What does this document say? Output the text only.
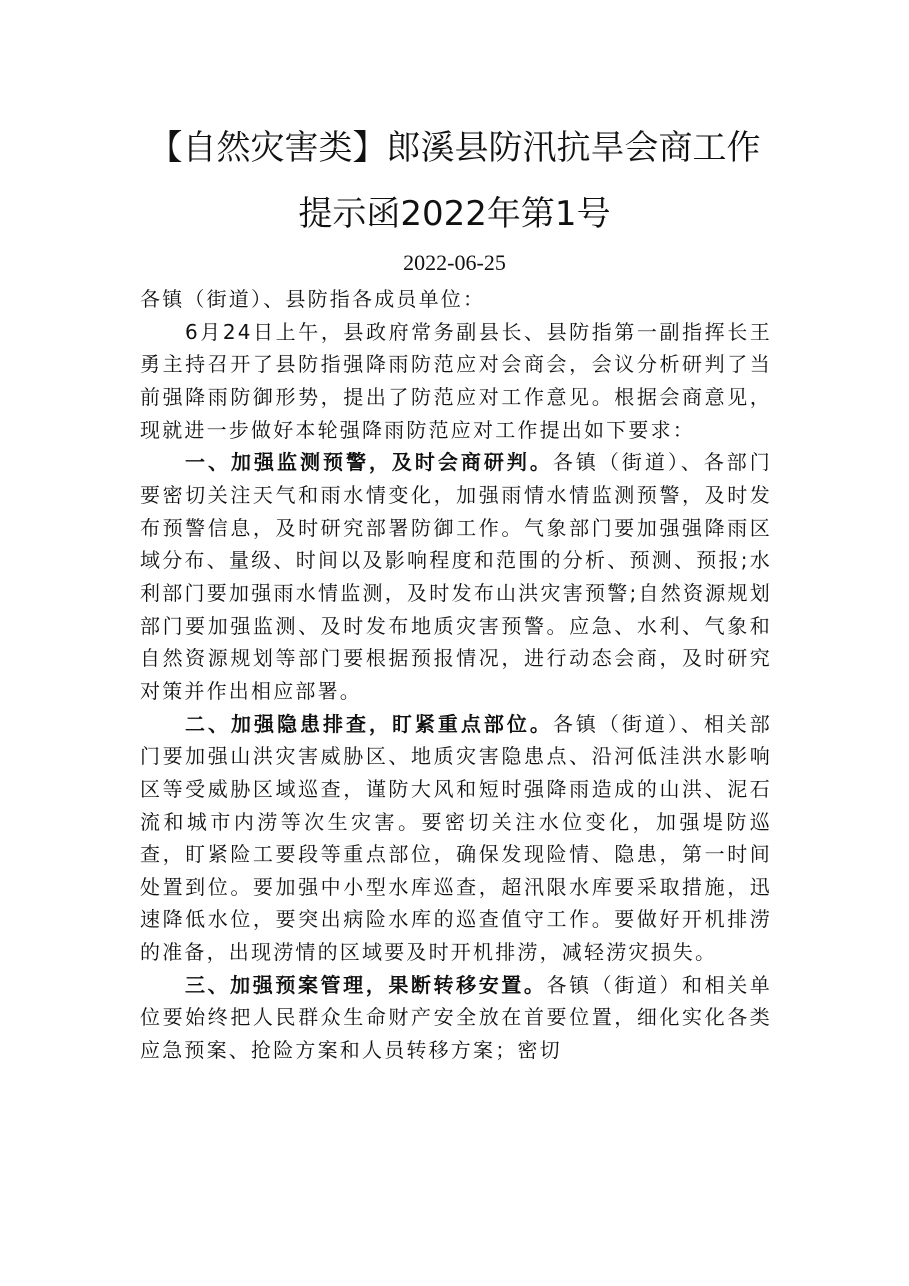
【自然灾害类】郎溪县防汛抗旱会商工作
提示函2022年第1号
2022-06-25

各镇（街道）、县防指各成员单位：

6月24日上午，县政府常务副县长、县防指第一副指挥长王勇主持召开了县防指强降雨防范应对会商会，会议分析研判了当前强降雨防御形势，提出了防范应对工作意见。根据会商意见，现就进一步做好本轮强降雨防范应对工作提出如下要求：

一、加强监测预警，及时会商研判。各镇（街道）、各部门要密切关注天气和雨水情变化，加强雨情水情监测预警，及时发布预警信息，及时研究部署防御工作。气象部门要加强强降雨区域分布、量级、时间以及影响程度和范围的分析、预测、预报;水利部门要加强雨水情监测，及时发布山洪灾害预警;自然资源规划部门要加强监测、及时发布地质灾害预警。应急、水利、气象和自然资源规划等部门要根据预报情况，进行动态会商，及时研究对策并作出相应部署。

二、加强隐患排查，盯紧重点部位。各镇（街道）、相关部门要加强山洪灾害威胁区、地质灾害隐患点、沿河低洼洪水影响区等受威胁区域巡查，谨防大风和短时强降雨造成的山洪、泥石流和城市内涝等次生灾害。要密切关注水位变化，加强堤防巡查，盯紧险工要段等重点部位，确保发现险情、隐患，第一时间处置到位。要加强中小型水库巡查，超汛限水库要采取措施，迅速降低水位，要突出病险水库的巡查值守工作。要做好开机排涝的准备，出现涝情的区域要及时开机排涝，减轻涝灾损失。

三、加强预案管理，果断转移安置。各镇（街道）和相关单位要始终把人民群众生命财产安全放在首要位置，细化实化各类应急预案、抢险方案和人员转移方案；密切
